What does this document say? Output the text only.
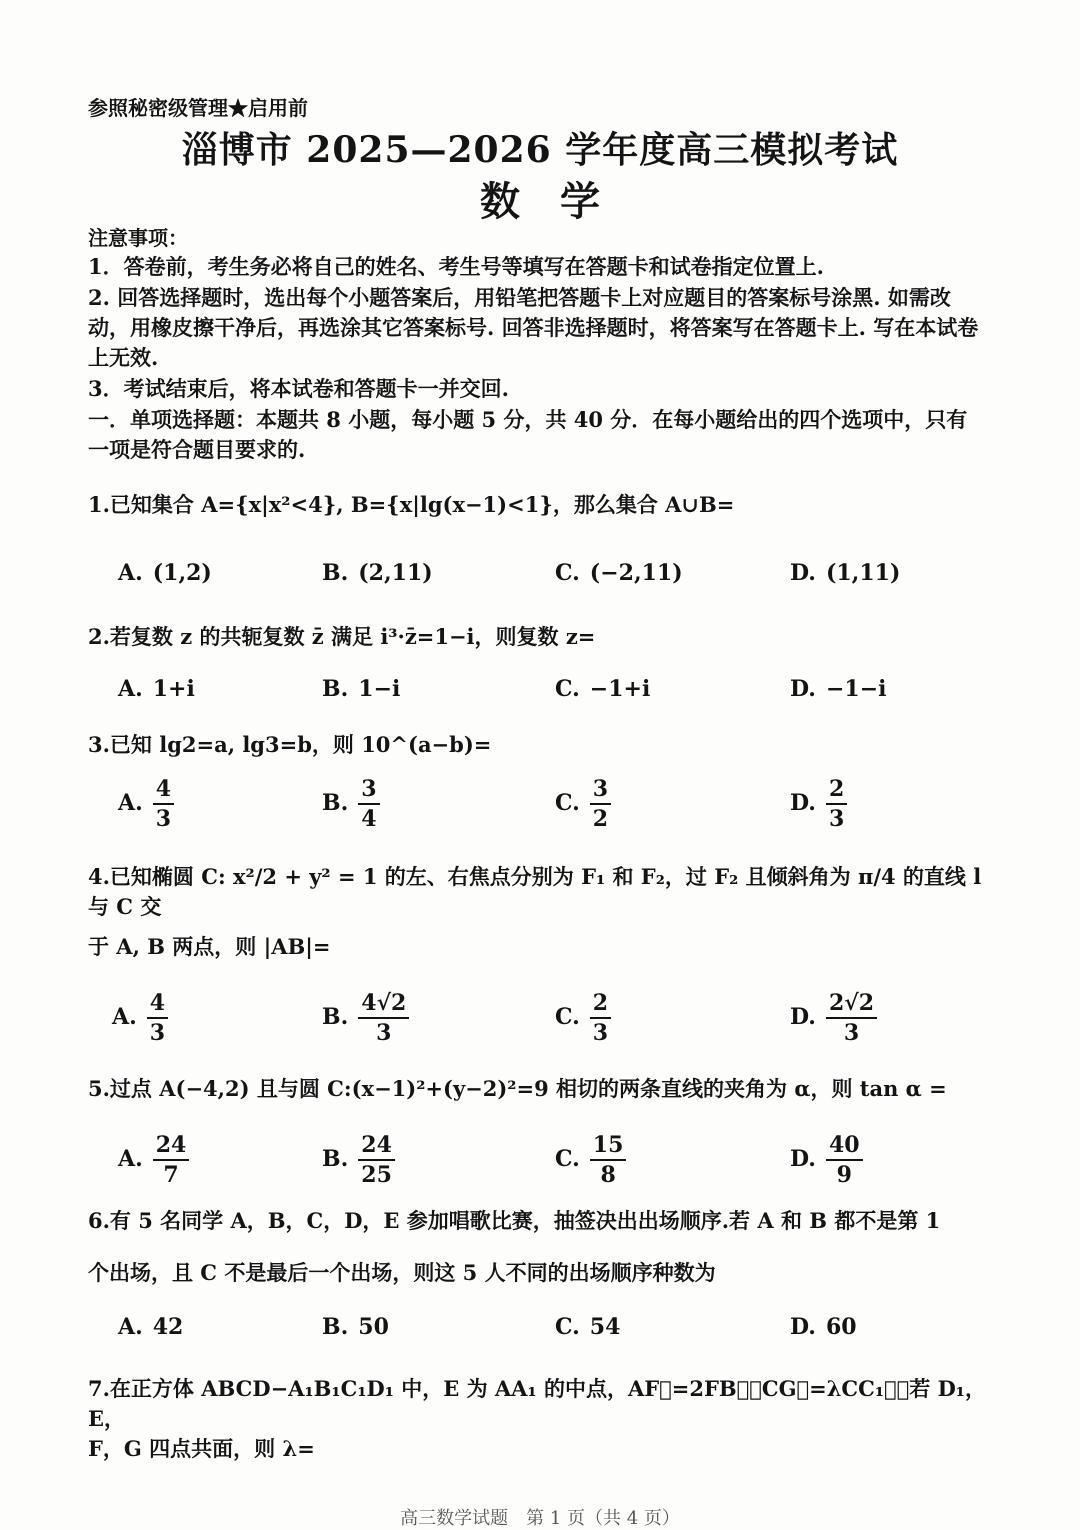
参照秘密级管理★启用前
淄博市 2025—2026 学年度高三模拟考试
数学
注意事项：
1．答卷前，考生务必将自己的姓名、考生号等填写在答题卡和试卷指定位置上.
2. 回答选择题时，选出每个小题答案后，用铅笔把答题卡上对应题目的答案标号涂黑. 如需改动，用橡皮擦干净后，再选涂其它答案标号. 回答非选择题时，将答案写在答题卡上. 写在本试卷上无效.
3．考试结束后，将本试卷和答题卡一并交回.
一．单项选择题：本题共 8 小题，每小题 5 分，共 40 分．在每小题给出的四个选项中，只有一项是符合题目要求的.
1.已知集合 A={x|x²<4}, B={x|lg(x−1)<1}，那么集合 A∪B=
A. (1,2)	B. (2,11)	C. (−2,11)	D. (1,11)
2.若复数 z 的共轭复数 z̄ 满足 i³·z̄=1−i，则复数 z=
A. 1+i	B. 1−i	C. −1+i	D. −1−i
3.已知 lg2=a, lg3=b，则 10^(a−b)=
A. $\frac{4}{3}$	B. $\frac{3}{4}$	C. $\frac{3}{2}$	D. $\frac{2}{3}$
4.已知椭圆 C: x²/2 + y² = 1 的左、右焦点分别为 F₁ 和 F₂，过 F₂ 且倾斜角为 π/4 的直线 l 与 C 交
于 A, B 两点，则 |AB|=
A. $\frac{4}{3}$	B. $\frac{4√2}{3}$	C. $\frac{2}{3}$	D. $\frac{2√2}{3}$
5.过点 A(−4,2) 且与圆 C:(x−1)²+(y−2)²=9 相切的两条直线的夹角为 α，则 tan α =
A. $\frac{24}{7}$	B. $\frac{24}{25}$	C. $\frac{15}{8}$	D. $\frac{40}{9}$
6.有 5 名同学 A，B，C，D，E 参加唱歌比赛，抽签决出出场顺序.若 A 和 B 都不是第 1
个出场，且 C 不是最后一个出场，则这 5 人不同的出场顺序种数为
A. 42	B. 50	C. 54	D. 60
7.在正方体 ABCD−A₁B₁C₁D₁ 中，E 为 AA₁ 的中点，AF⃗=2FB⃗，CG⃗=λCC₁⃗，若 D₁，E，
F，G 四点共面，则 λ=
高三数学试题　第 1 页（共 4 页）
